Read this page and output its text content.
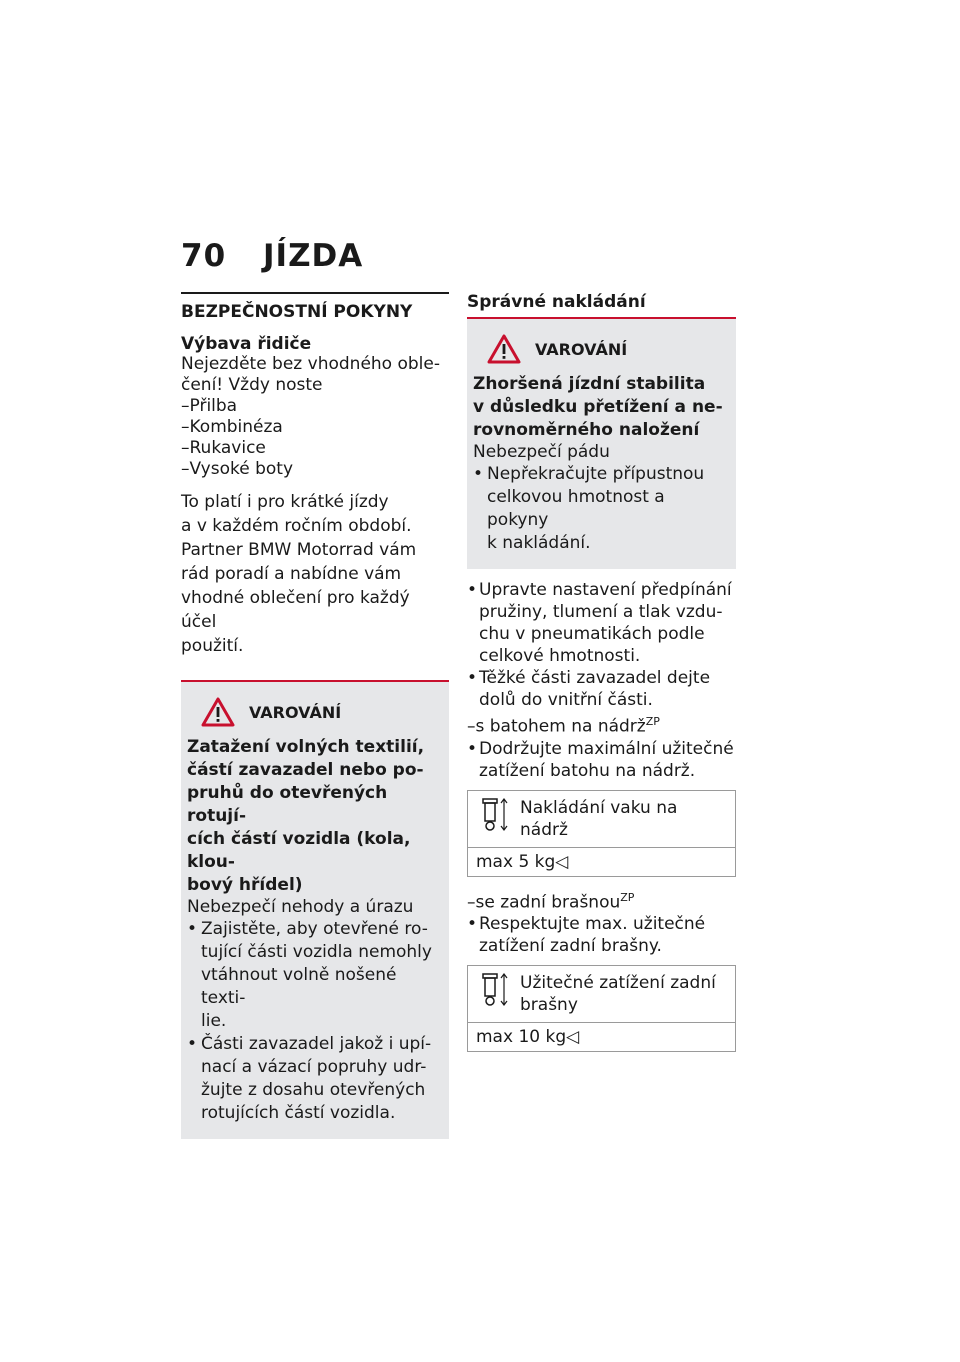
70 JÍZDA
BEZPEČNOSTNÍ POKYNY
Výbava řidiče

Nejezděte bez vhodného oble-

čení! Vždy noste

–Přilba

–Kombinéza

–Rukavice

–Vysoké boty

To platí i pro krátké jízdy

a v každém ročním období.

Partner BMW Motorrad vám

rád poradí a nabídne vám

vhodné oblečení pro každý účel

použití.

VAROVÁNÍ
Zatažení volných textilií,
částí zavazadel nebo po-
pruhů do otevřených rotují-
cích částí vozidla (kola, klou-
bový hřídel)
Nebezpečí nehody a úrazu
• Zajistěte, aby otevřené ro-
tující části vozidla nemohly
vtáhnout volně nošené texti-
lie.
• Části zavazadel jakož i upí-
nací a vázací popruhy udr-
žujte z dosahu otevřených
rotujících částí vozidla.
Správné nakládání
VAROVÁNÍ
Zhoršená jízdní stabilita
v důsledku přetížení a ne-
rovnoměrného naložení
Nebezpečí pádu
• Nepřekračujte přípustnou
celkovou hmotnost a pokyny
k nakládání.
• Upravte nastavení předpínání
pružiny, tlumení a tlak vzdu-
chu v pneumatikách podle
celkové hmotnosti.
• Těžké části zavazadel dejte
dolů do vnitřní části.
–s batohem na nádrž$^{ZP}$
• Dodržujte maximální užitečné
zatížení batohu na nádrž.
Nakládání vaku na nádrž
max 5 kg◁
–se zadní brašnou$^{ZP}$
• Respektujte max. užitečné
zatížení zadní brašny.
Užitečné zatížení zadní
brašny
max 10 kg◁
